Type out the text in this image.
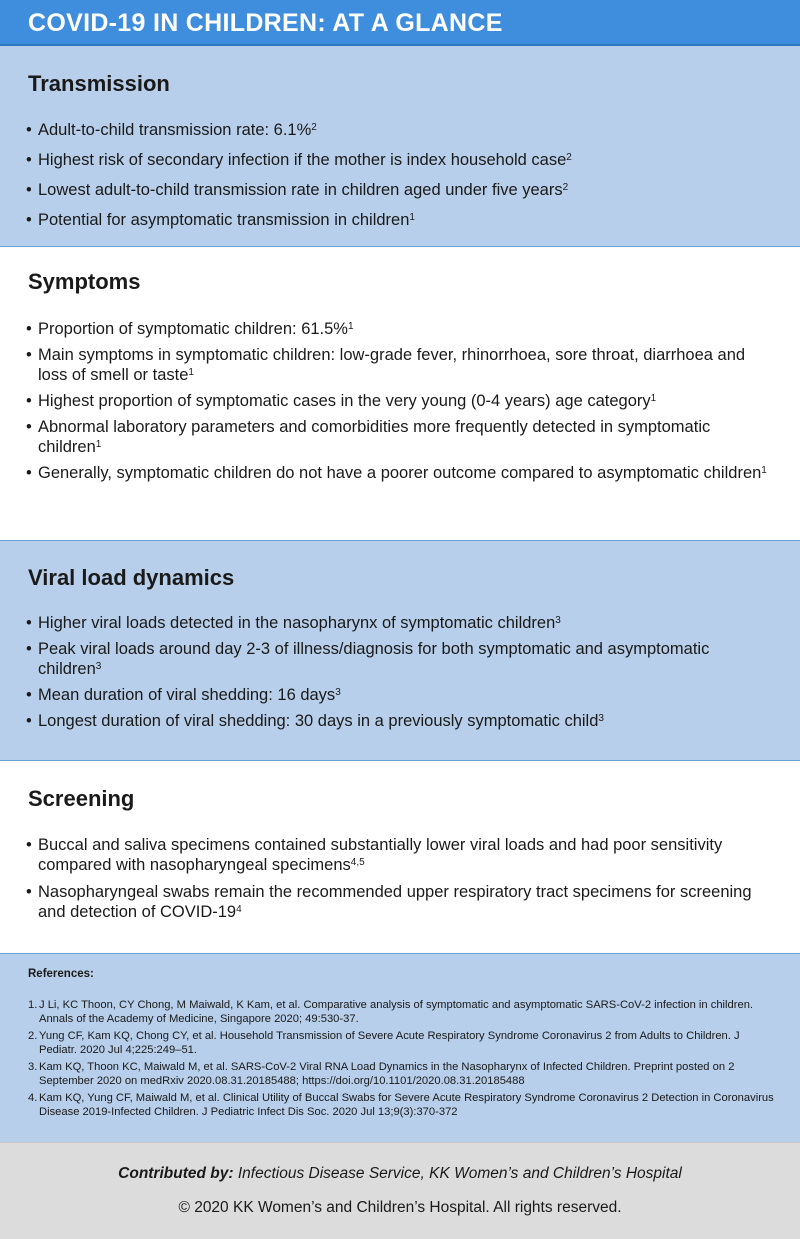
COVID-19 IN CHILDREN: AT A GLANCE
Transmission
• Adult-to-child transmission rate: 6.1%$^2$
• Highest risk of secondary infection if the mother is index household case$^2$
• Lowest adult-to-child transmission rate in children aged under five years$^2$
• Potential for asymptomatic transmission in children$^1$
Symptoms
• Proportion of symptomatic children: 61.5%$^1$
• Main symptoms in symptomatic children: low-grade fever, rhinorrhoea, sore throat, diarrhoea and loss of smell or taste$^1$
• Highest proportion of symptomatic cases in the very young (0-4 years) age category$^1$
• Abnormal laboratory parameters and comorbidities more frequently detected in symptomatic children$^1$
• Generally, symptomatic children do not have a poorer outcome compared to asymptomatic children$^1$
Viral load dynamics
• Higher viral loads detected in the nasopharynx of symptomatic children$^3$
• Peak viral loads around day 2-3 of illness/diagnosis for both symptomatic and asymptomatic children$^3$
• Mean duration of viral shedding: 16 days$^3$
• Longest duration of viral shedding: 30 days in a previously symptomatic child$^3$
Screening
• Buccal and saliva specimens contained substantially lower viral loads and had poor sensitivity compared with nasopharyngeal specimens$^{4,5}$
• Nasopharyngeal swabs remain the recommended upper respiratory tract specimens for screening and detection of COVID-$19^4$
References:
1. J Li, KC Thoon, CY Chong, M Maiwald, K Kam, et al. Comparative analysis of symptomatic and asymptomatic SARS-CoV-2 infection in children. Annals of the Academy of Medicine, Singapore 2020; 49:530-37.
2. Yung CF, Kam KQ, Chong CY, et al. Household Transmission of Severe Acute Respiratory Syndrome Coronavirus 2 from Adults to Children. J Pediatr. 2020 Jul 4;225:249–51.
3. Kam KQ, Thoon KC, Maiwald M, et al. SARS-CoV-2 Viral RNA Load Dynamics in the Nasopharynx of Infected Children. Preprint posted on 2 September 2020 on medRxiv 2020.08.31.20185488; https://doi.org/10.1101/2020.08.31.20185488
4. Kam KQ, Yung CF, Maiwald M, et al. Clinical Utility of Buccal Swabs for Severe Acute Respiratory Syndrome Coronavirus 2 Detection in Coronavirus Disease 2019-Infected Children. J Pediatric Infect Dis Soc. 2020 Jul 13;9(3):370-372
Contributed by: Infectious Disease Service, KK Women’s and Children’s Hospital
© 2020 KK Women’s and Children’s Hospital. All rights reserved.
